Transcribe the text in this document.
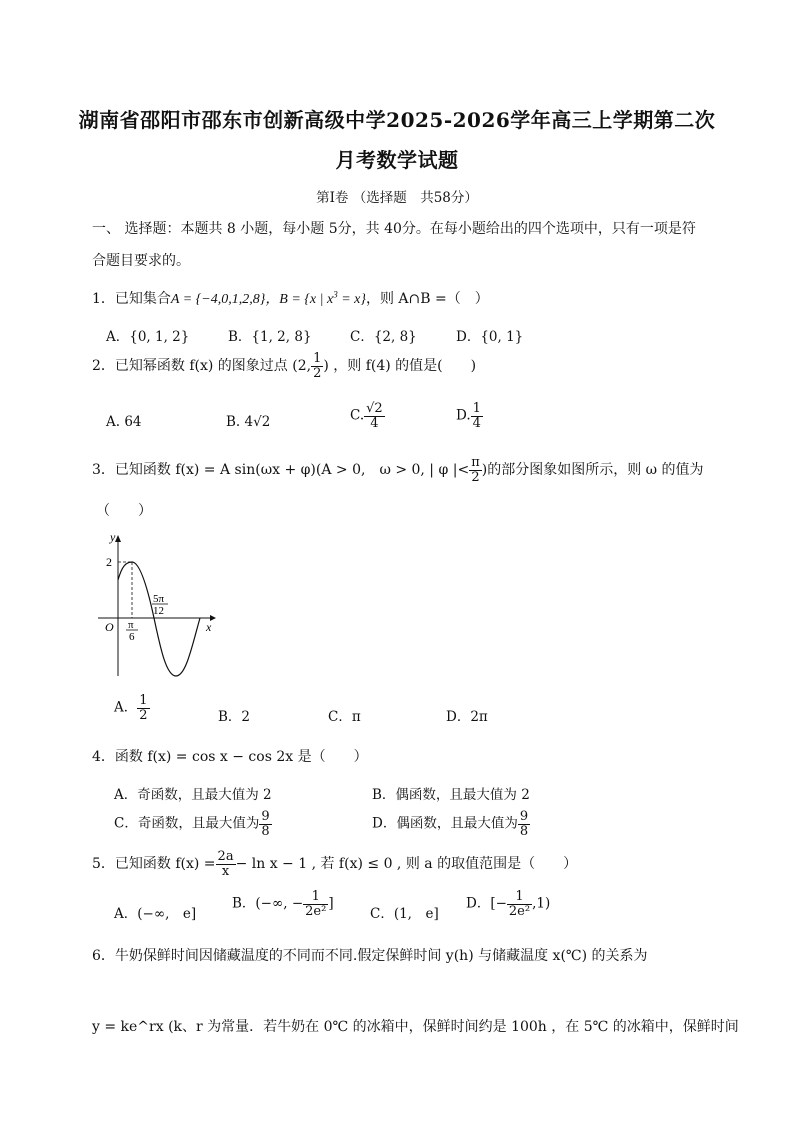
湖南省邵阳市邵东市创新高级中学2025-2026学年高三上学期第二次
月考数学试题
第Ⅰ卷 （选择题　共58分）
一、 选择题：本题共 8 小题，每小题 5分，共 40分。在每小题给出的四个选项中，只有一项是符
合题目要求的。
1．已知集合A = {−4,0,1,2,8}，B = {x | $x^3 = x$}，则 A∩B =（　）
A．{0, 1, 2}	B．{1, 2, 8}	C．{2, 8}	D．{0, 1}
2．已知幂函数 f(x) 的图象过点 (2, $\frac{1}{2}$ ) ，则 f(4) 的值是(　　)
A. 64	B. 4√2	C. $\frac{√2}{4}$	D. $\frac{1}{4}$
3．已知函数 f(x) = A sin(ωx + φ)(A > 0,　ω > 0, | φ |< $\frac{\pi}{2}$ )的部分图象如图所示，则 ω 的值为
（　　）
y
x
O
2
π
6
5π
12
A． $\frac{1}{2}$	B．2	C．π	D．2π
4．函数 f(x) = cos x − cos 2x 是（　　）
A．奇函数，且最大值为 2	B．偶函数，且最大值为 2
C．奇函数，且最大值为 $\frac{9}{8}$	D．偶函数，且最大值为 $\frac{9}{8}$
5．已知函数 $f(x) = \frac{2a}{x} - \ln x - 1$ , 若 f(x) ≤ 0 , 则 a 的取值范围是（　　）
A．(−∞,　e]
B．(−∞, − $\frac{1}{\text{2e²}}$ ]
C．(1,　e]
D．[− $\frac{1}{\text{2e²}} ,1$)
6．牛奶保鲜时间因储藏温度的不同而不同.假定保鲜时间 y(h) 与储藏温度 x(℃) 的关系为
y = ke^rx (k、r 为常量．若牛奶在 0℃ 的冰箱中，保鲜时间约是 100h ，在 5℃ 的冰箱中，保鲜时间
